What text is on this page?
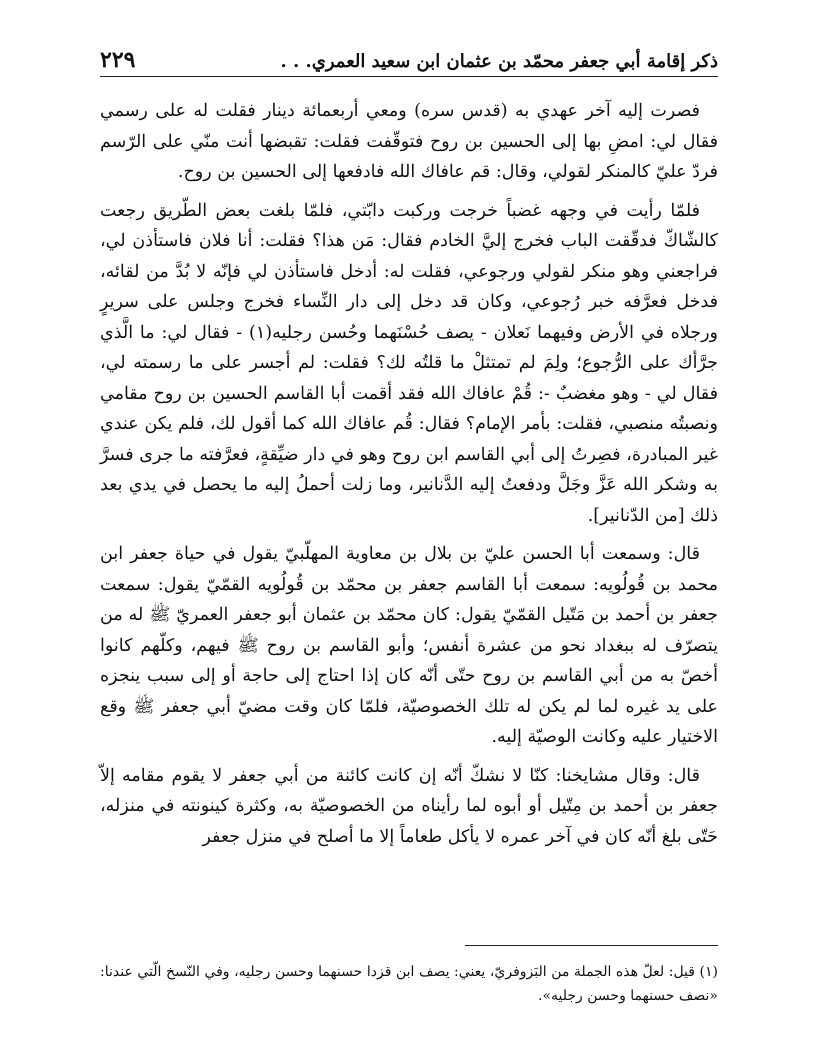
٢٢٩	ذكر إقامة أبي جعفر محمّد بن عثمان ابن سعيد العمري. . .

فصرت إليه آخر عهدي به (قدس سره) ومعي أربعمائة دينار فقلت له على رسمي فقال لي: امضِ بها إلى الحسين بن روح فتوقّفت فقلت: تقبضها أنت منّي على الرّسم فردّ عليّ كالمنكر لقولي، وقال: قم عافاك الله فادفعها إلى الحسين بن روح.

فلمّا رأيت في وجهه غضباً خرجت وركبت دابّتي، فلمّا بلغت بعض الطّريق رجعت كالشّاكّ فدقّقت الباب فخرج إليَّ الخادم فقال: مَن هذا؟ فقلت: أنا فلان فاستأذن لي، فراجعني وهو منكر لقولي ورجوعي، فقلت له: أدخل فاستأذن لي فإنّه لا بُدَّ من لقائه، فدخل فعرَّفه خبر رُجوعي، وكان قد دخل إلى دار النِّساء فخرج وجلس على سريرٍ ورجلاه في الأرض وفيهما نَعلان - يصف حُسْنَهما وحُسن رجليه(١) - فقال لي: ما الَّذي جرَّأك على الرُّجوع؛ ولِمَ لم تمتثلْ ما قلتُه لك؟ فقلت: لم أجسر على ما رسمته لي، فقال لي - وهو مغضبٌ -: قُمْ عافاك الله فقد أقمت أبا القاسم الحسين بن روح مقامي ونصبتُه منصبي، فقلت: بأمر الإمام؟ فقال: قُم عافاك الله كما أقول لك، فلم يكن عندي غير المبادرة، فصِرتُ إلى أبي القاسم ابن روح وهو في دار ضيِّقةٍ، فعرَّفته ما جرى فسرَّ به وشكر الله عَزَّ وجَلَّ ودفعتُ إليه الدَّنانير، وما زلت أحملُ إليه ما يحصل في يدي بعد ذلك [من الدّنانير].

قال: وسمعت أبا الحسن عليّ بن بلال بن معاوية المهلّبيّ يقول في حياة جعفر ابن محمد بن قُولُويه: سمعت أبا القاسم جعفر بن محمّد بن قُولُويه القمّيّ يقول: سمعت جعفر بن أحمد بن مَتّيل القمّيّ يقول: كان محمّد بن عثمان أبو جعفر العمريّ ﷺ له من يتصرّف له ببغداد نحو من عشرة أنفس؛ وأبو القاسم بن روح ﷺ فيهم، وكلّهم كانوا أخصّ به من أبي القاسم بن روح حتّى أنّه كان إذا احتاج إلى حاجة أو إلى سبب ينجزه على يد غيره لما لم يكن له تلك الخصوصيّة، فلمّا كان وقت مضيّ أبي جعفر ﷺ وقع الاختيار عليه وكانت الوصيّة إليه.

قال: وقال مشايخنا: كنّا لا نشكّ أنّه إن كانت كائنة من أبي جعفر لا يقوم مقامه إلاّ جعفر بن أحمد بن مِتّيل أو أبوه لما رأيناه من الخصوصيّة به، وكثرة كينونته في منزله، حَتّى بلغ أنّه كان في آخر عمره لا يأكل طعاماً إلا ما أصلح في منزل جعفر

(١) قيل: لعلّ هذه الجملة من البَزوفريّ، يعني: يصف ابن قزدا حسنهما وحسن رجليه، وفي النّسخ الّتي عندنا: «نصف حسنهما وحسن رجليه».
